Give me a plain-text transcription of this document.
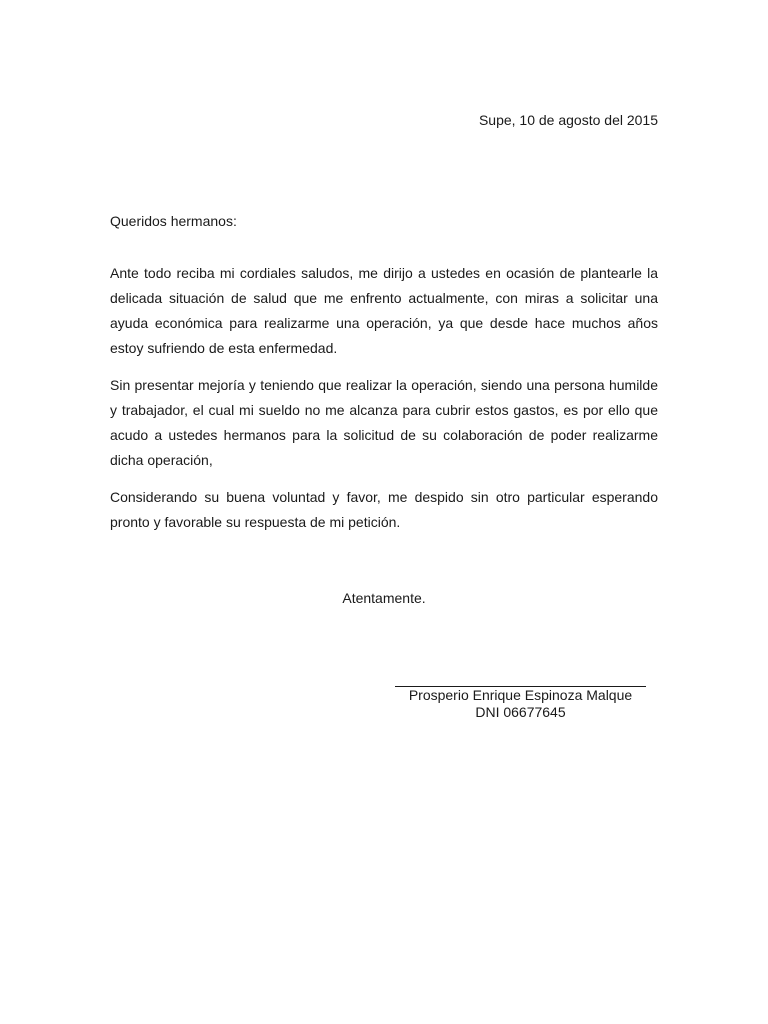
Supe, 10 de agosto del 2015
Queridos hermanos:

Ante todo reciba mi cordiales saludos, me dirijo a ustedes en ocasión de plantearle la delicada situación de salud que me enfrento actualmente, con miras a solicitar una ayuda económica para realizarme una operación, ya que desde hace muchos años estoy sufriendo de esta enfermedad.

Sin presentar mejoría y teniendo que realizar la operación, siendo una persona humilde y trabajador, el cual mi sueldo no me alcanza para cubrir estos gastos, es por ello que acudo a ustedes hermanos para la solicitud de su colaboración de poder realizarme dicha operación,

Considerando su buena voluntad y favor, me despido sin otro particular esperando pronto y favorable su respuesta de mi petición.

Atentamente.
Prosperio Enrique Espinoza Malque
DNI 06677645
